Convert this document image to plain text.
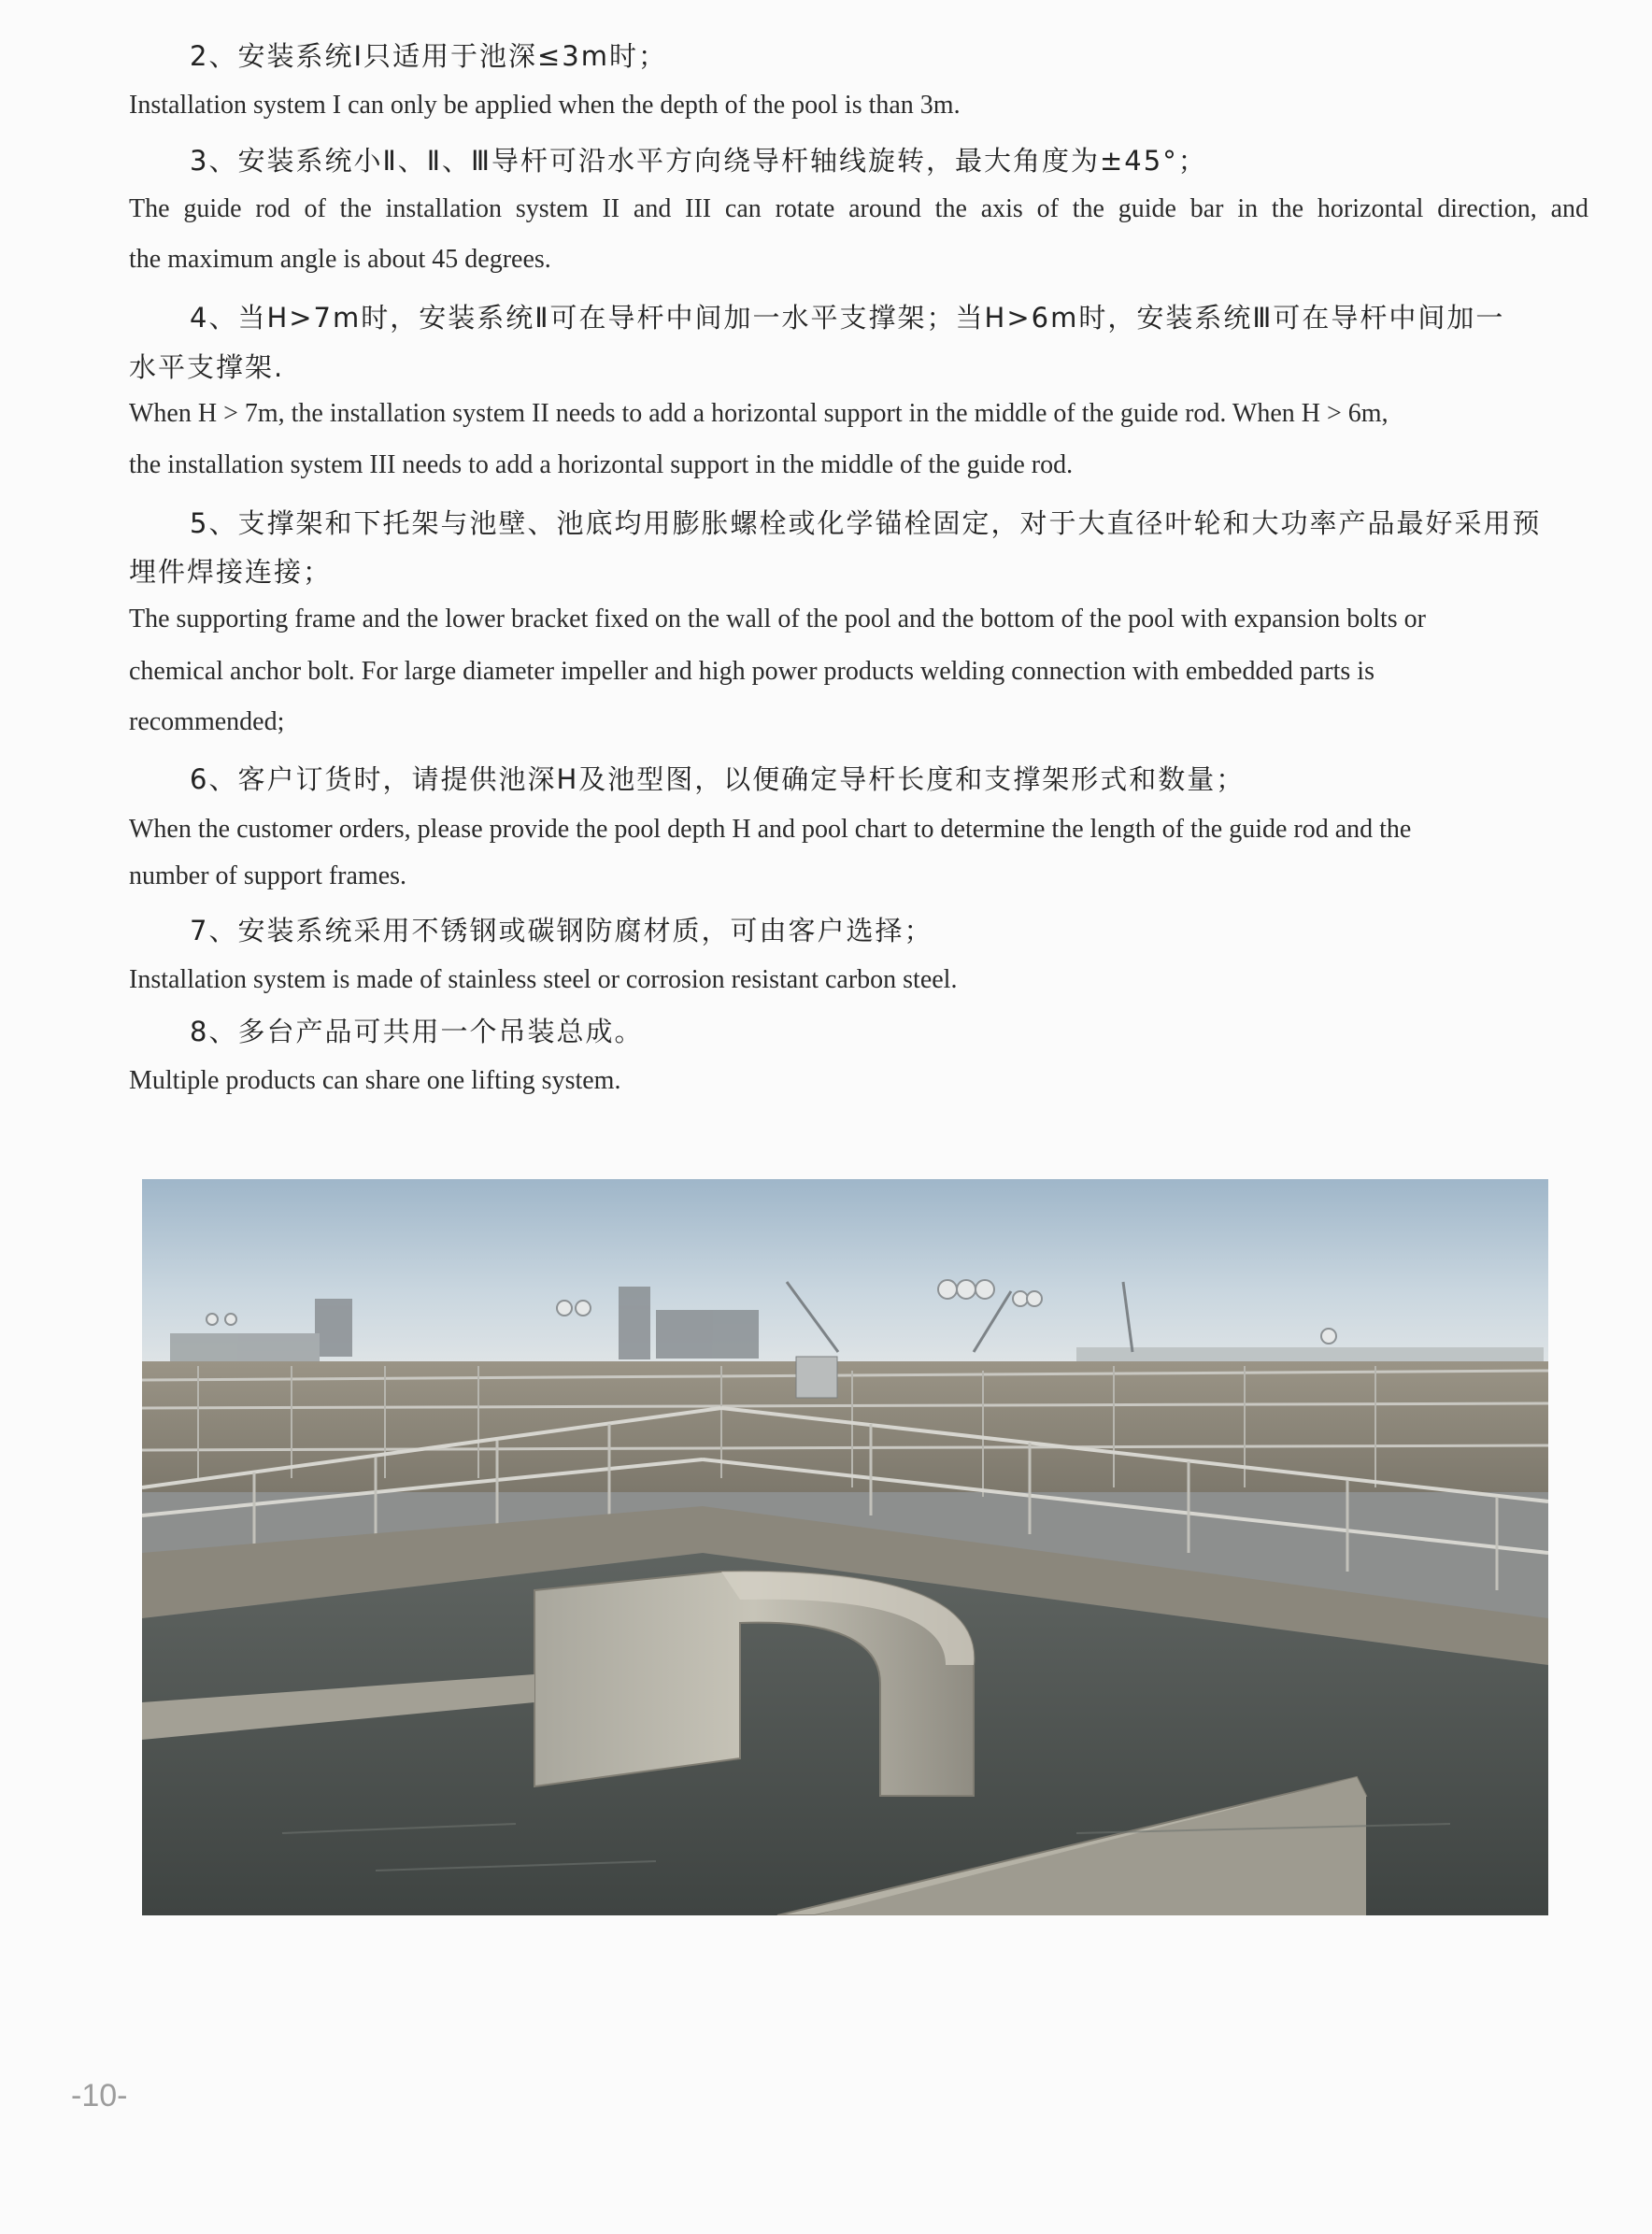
2、安装系统Ⅰ只适用于池深≤3m时；
Installation system I can only be applied when the depth of the pool is than 3m.
3、安装系统小Ⅱ、Ⅱ、Ⅲ导杆可沿水平方向绕导杆轴线旋转，最大角度为±45°；
The guide rod of the installation system II and III can rotate around the axis of the guide bar in the horizontal direction, and
the maximum angle is about 45 degrees.
4、当H>7m时，安装系统Ⅱ可在导杆中间加一水平支撑架；当H>6m时，安装系统Ⅲ可在导杆中间加一
水平支撑架.
When H > 7m, the installation system II needs to add a horizontal support in the middle of the guide rod. When H > 6m,
the installation system III needs to add a horizontal support in the middle of the guide rod.
5、支撑架和下托架与池壁、池底均用膨胀螺栓或化学锚栓固定，对于大直径叶轮和大功率产品最好采用预
埋件焊接连接；
The supporting frame and the lower bracket fixed on the wall of the pool and the bottom of the pool with expansion bolts or
chemical anchor bolt. For large diameter impeller and high power products welding connection with embedded parts is
recommended;
6、客户订货时，请提供池深H及池型图，以便确定导杆长度和支撑架形式和数量；
When the customer orders, please provide the pool depth H and pool chart to determine the length of the guide rod and the
number of support frames.
7、安装系统采用不锈钢或碳钢防腐材质，可由客户选择；
Installation system is made of stainless steel or corrosion resistant carbon steel.
8、多台产品可共用一个吊装总成。
Multiple products can share one lifting system.
-10-
